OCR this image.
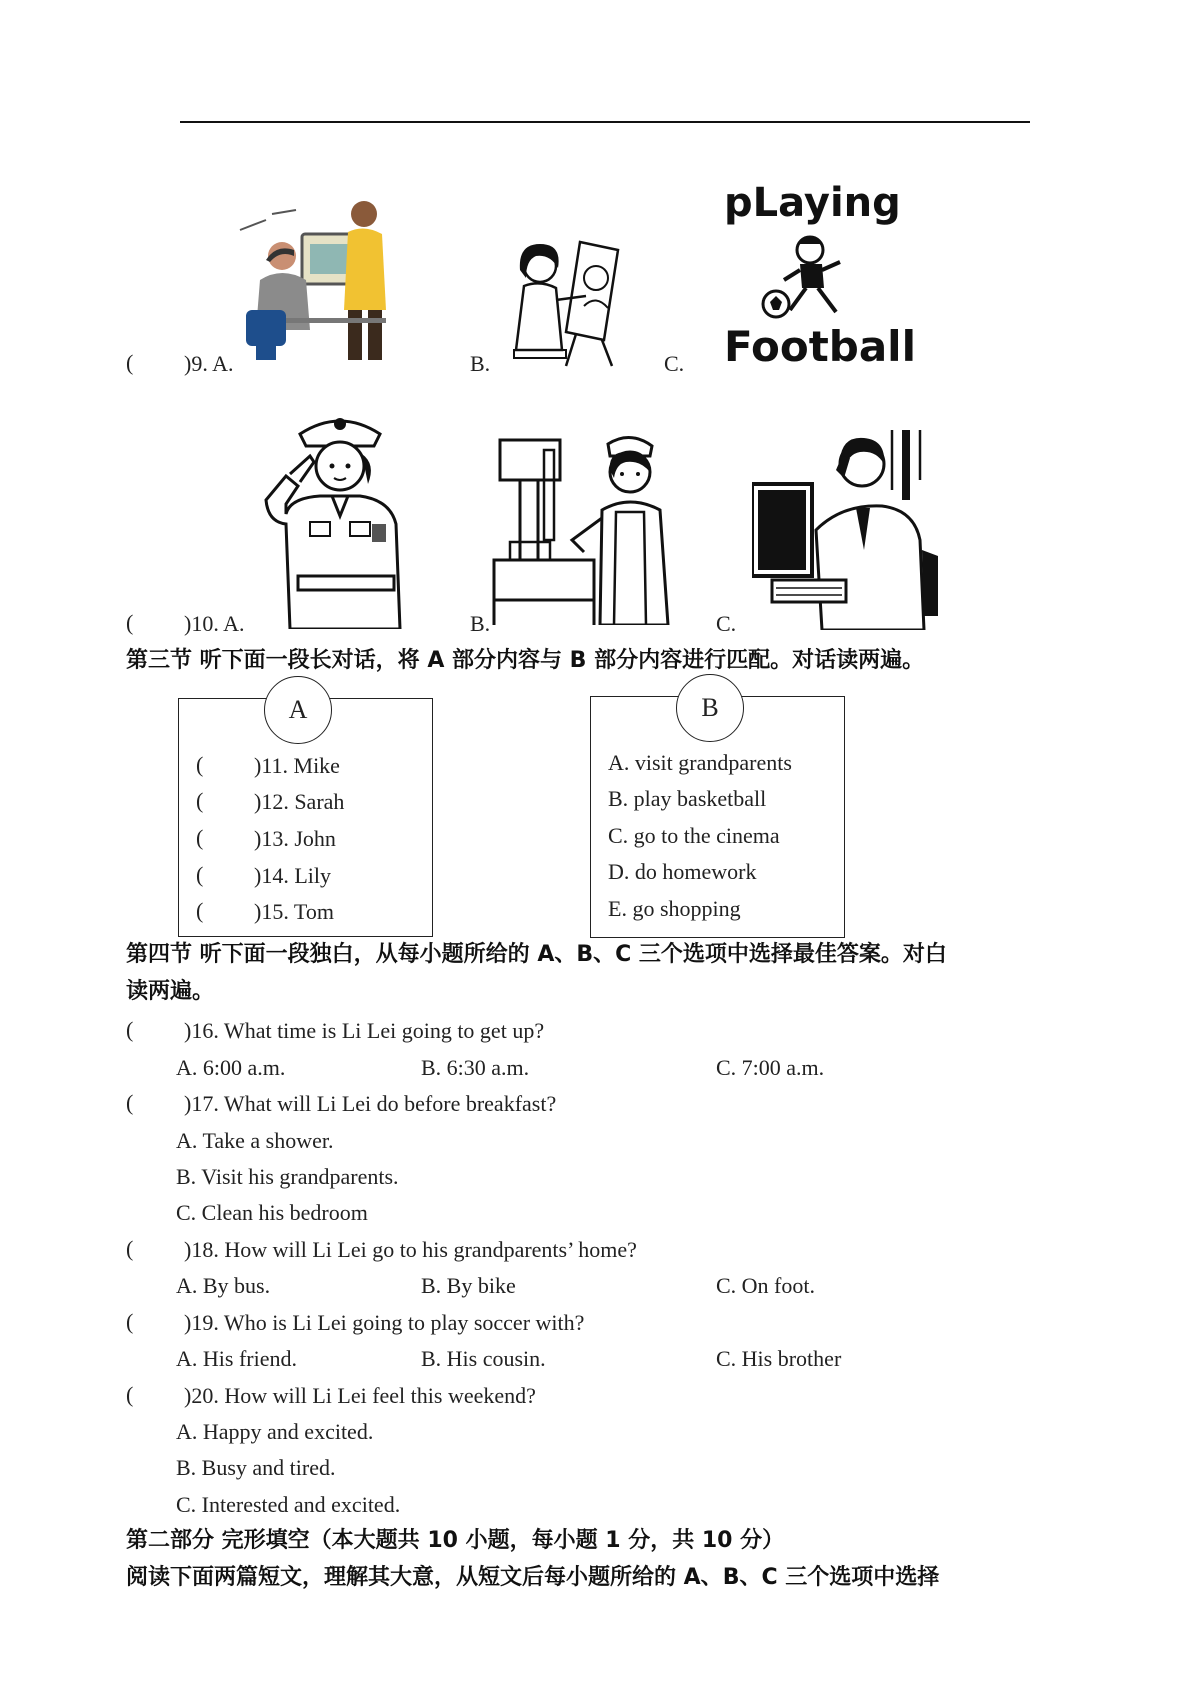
( )9. A.	B.	C.
pLaying
Football
( )10. A.	B.	C.
第三节 听下面一段长对话，将 A 部分内容与 B 部分内容进行匹配。对话读两遍。
A
( )11. Mike
( )12. Sarah
( )13. John
( )14. Lily
( )15. Tom
B
A. visit grandparents
B. play basketball
C. go to the cinema
D. do homework
E. go shopping
第四节 听下面一段独白，从每小题所给的 A、B、C 三个选项中选择最佳答案。对白
读两遍。
( )16. What time is Li Lei going to get up?
A. 6:00 a.m.	B. 6:30 a.m.	C. 7:00 a.m.
( )17. What will Li Lei do before breakfast?
A. Take a shower.
B. Visit his grandparents.
C. Clean his bedroom
( )18. How will Li Lei go to his grandparents’ home?
A. By bus.	B. By bike	C. On foot.
( )19. Who is Li Lei going to play soccer with?
A. His friend.	B. His cousin.	C. His brother
( )20. How will Li Lei feel this weekend?
A. Happy and excited.
B. Busy and tired.
C. Interested and excited.
第二部分 完形填空（本大题共 10 小题，每小题 1 分，共 10 分）
阅读下面两篇短文，理解其大意，从短文后每小题所给的 A、B、C 三个选项中选择
